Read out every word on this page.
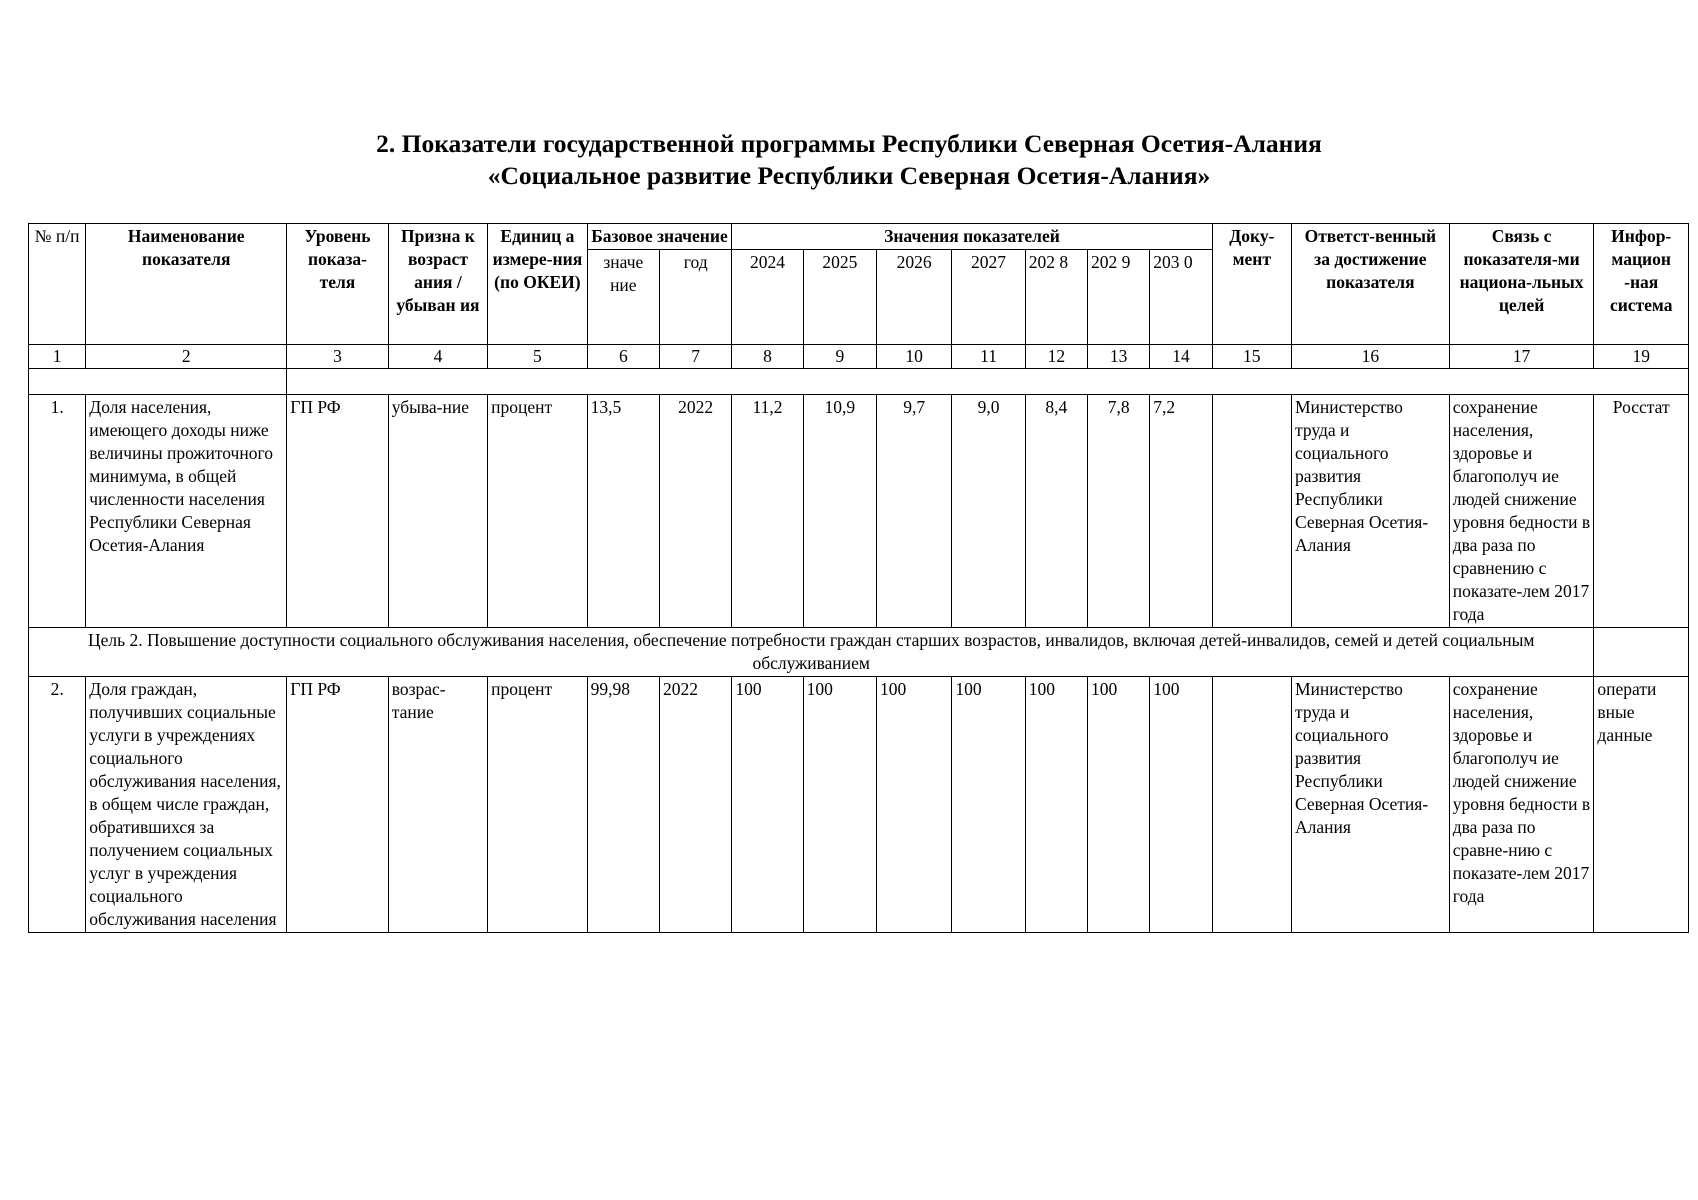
2. Показатели государственной программы Республики Северная Осетия-Алания
«Социальное развитие Республики Северная Осетия-Алания»
№ п/п	Наименование показателя	Уровень показа-теля	Призна к возраст ания / убыван ия	Единиц а измере-ния (по ОКЕИ)	Базовое значение		Значения показателей							Доку-мент	Ответст-венный за достижение показателя	Связь с показателя-ми национа-льных целей	Инфор-мацион -ная система
					значе ние	год	2024	2025	2026	2027	202 8	202 9	203 0				
1	2	3	4	5	6	7	8	9	10	11	12	13	14	15	16	17	19

1.	Доля населения, имеющего доходы ниже величины прожиточного минимума, в общей численности населения Республики Северная Осетия-Алания	ГП РФ	убыва-ние	процент	13,5	2022	11,2	10,9	9,7	9,0	8,4	7,8	7,2		Министерство труда и социального развития Республики Северная Осетия-Алания	сохранение населения, здоровье и благополуч ие людей снижение уровня бедности в два раза по сравнению с показате-лем 2017 года	Росстат
Цель 2. Повышение доступности социального обслуживания населения, обеспечение потребности граждан старших возрастов, инвалидов, включая детей-инвалидов, семей и детей социальным обслуживанием																	
2.	Доля граждан, получивших социальные услуги в учреждениях социального обслуживания населения, в общем числе граждан, обратившихся за получением социальных услуг в учреждения социального обслуживания населения	ГП РФ	возрас-тание	процент	99,98	2022	100	100	100	100	100	100	100		Министерство труда и социального развития Республики Северная Осетия-Алания	сохранение населения, здоровье и благополуч ие людей снижение уровня бедности в два раза по сравне-нию с показате-лем 2017 года	операти вные данные
